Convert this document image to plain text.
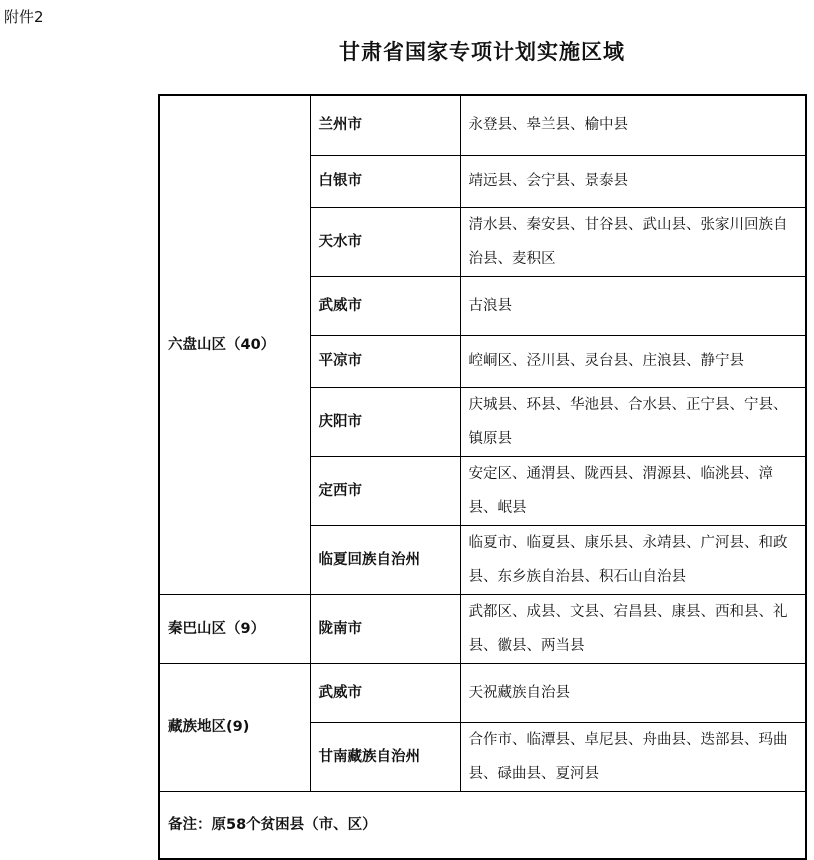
附件2
甘肃省国家专项计划实施区域
六盘山区（40）	兰州市	永登县、皋兰县、榆中县
	白银市	靖远县、会宁县、景泰县
	天水市	清水县、秦安县、甘谷县、武山县、张家川回族自治县、麦积区
	武威市	古浪县
	平凉市	崆峒区、泾川县、灵台县、庄浪县、静宁县
	庆阳市	庆城县、环县、华池县、合水县、正宁县、宁县、镇原县
	定西市	安定区、通渭县、陇西县、渭源县、临洮县、漳县、岷县
	临夏回族自治州	临夏市、临夏县、康乐县、永靖县、广河县、和政县、东乡族自治县、积石山自治县
秦巴山区（9）	陇南市	武都区、成县、文县、宕昌县、康县、西和县、礼县、徽县、两当县
藏族地区(9)	武威市	天祝藏族自治县
	甘南藏族自治州	合作市、临潭县、卓尼县、舟曲县、迭部县、玛曲县、碌曲县、夏河县
备注：原58个贫困县（市、区）		
